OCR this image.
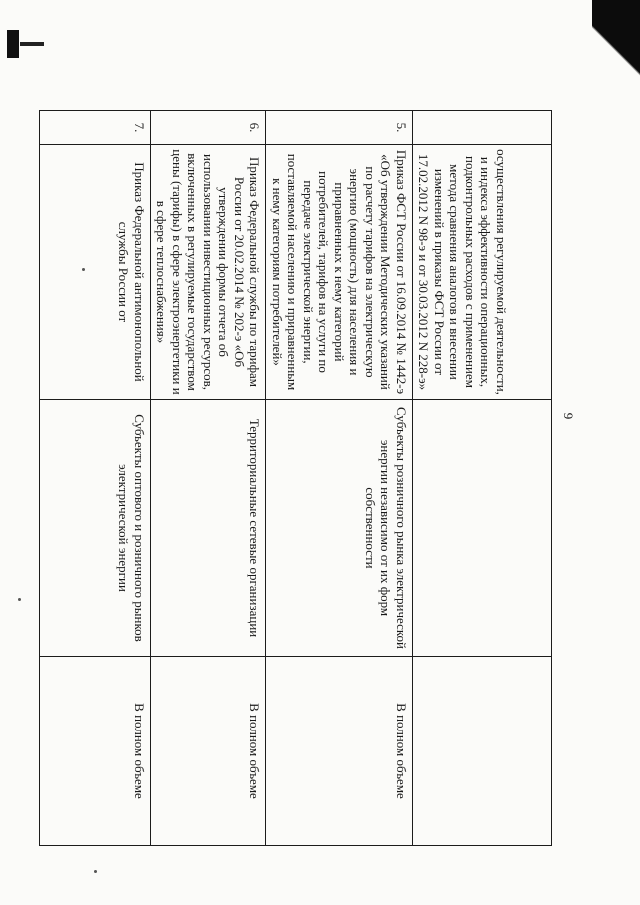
9
	осуществления регулируемой деятельности, и индекса эффективности операционных, подконтрольных расходов с применением метода сравнения аналогов и внесении изменений в приказы ФСТ России от 17.02.2012 N 98-э и от 30.03.2012 N 228-э»		
5.	Приказ ФСТ России от 16.09.2014 № 1442-э «Об утверждении Методических указаний по расчету тарифов на электрическую энергию (мощность) для населения и приравненных к нему категорий потребителей, тарифов на услуги по передаче электрической энергии, поставляемой населению и приравненным к нему категориям потребителей»	Субъекты розничного рынка электрической энергии независимо от их форм собственности	В полном объеме
6.	Приказ Федеральной службы по тарифам России от 20.02.2014 № 202-э «Об утверждении формы отчета об использовании инвестиционных ресурсов, включенных в регулируемые государством цены (тарифы) в сфере электроэнергетики и в сфере теплоснабжения»	Территориальные сетевые организации	В полном объеме
7.	Приказ Федеральной антимонопольной службы России от	Субъекты оптового и розничного рынков электрической энергии	В полном объеме
